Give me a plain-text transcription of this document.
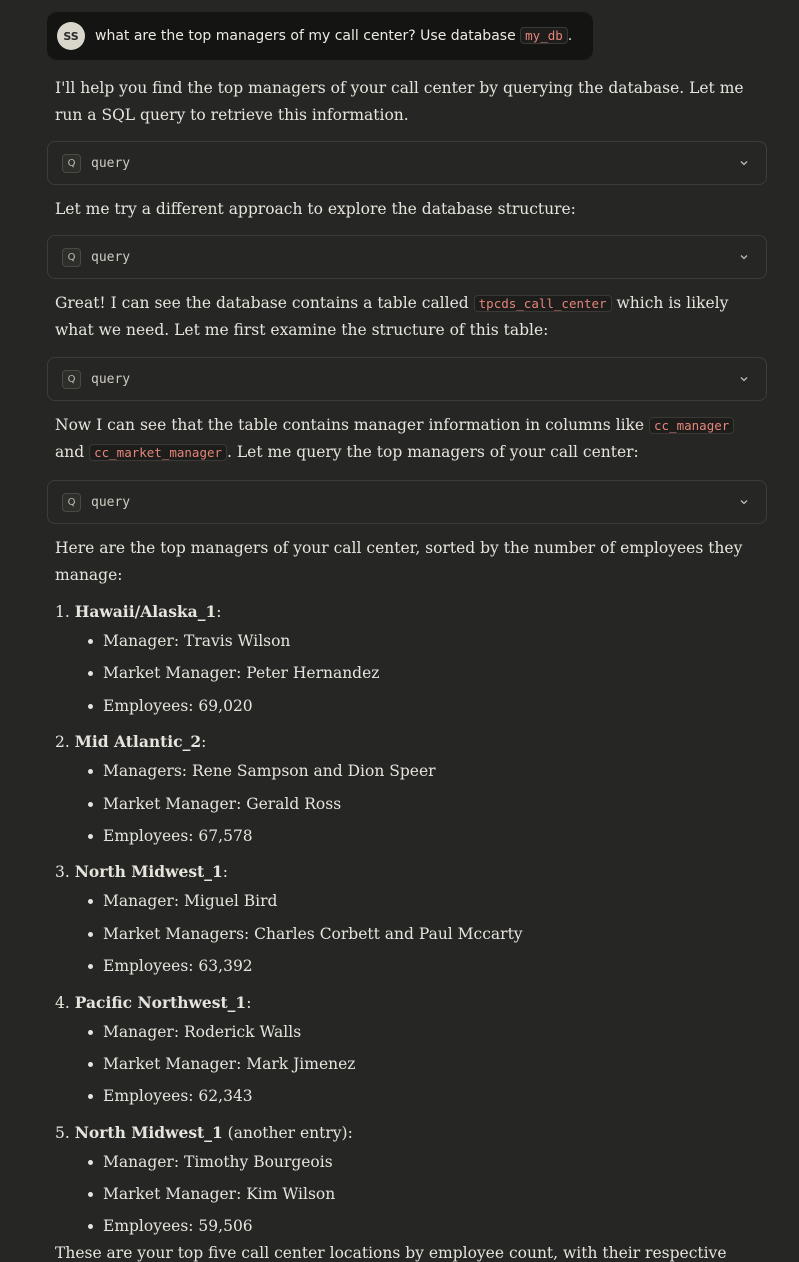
SS	what are the top managers of my call center? Use database my_db .
I'll help you find the top managers of your call center by querying the database. Let me run a SQL query to retrieve this information.
Q	query
Let me try a different approach to explore the database structure:
Q	query
Great! I can see the database contains a table called tpcds_call_center which is likely what we need. Let me first examine the structure of this table:
Q	query
Now I can see that the table contains manager information in columns like cc_manager and cc_market_manager . Let me query the top managers of your call center:
Q	query
Here are the top managers of your call center, sorted by the number of employees they manage:
1. Hawaii/Alaska_1:
Manager: Travis Wilson
Market Manager: Peter Hernandez
Employees: 69,020
2. Mid Atlantic_2:
Managers: Rene Sampson and Dion Speer
Market Manager: Gerald Ross
Employees: 67,578
3. North Midwest_1:
Manager: Miguel Bird
Market Managers: Charles Corbett and Paul Mccarty
Employees: 63,392
4. Pacific Northwest_1:
Manager: Roderick Walls
Market Manager: Mark Jimenez
Employees: 62,343
5. North Midwest_1 (another entry):
Manager: Timothy Bourgeois
Market Manager: Kim Wilson
Employees: 59,506
These are your top five call center locations by employee count, with their respective
